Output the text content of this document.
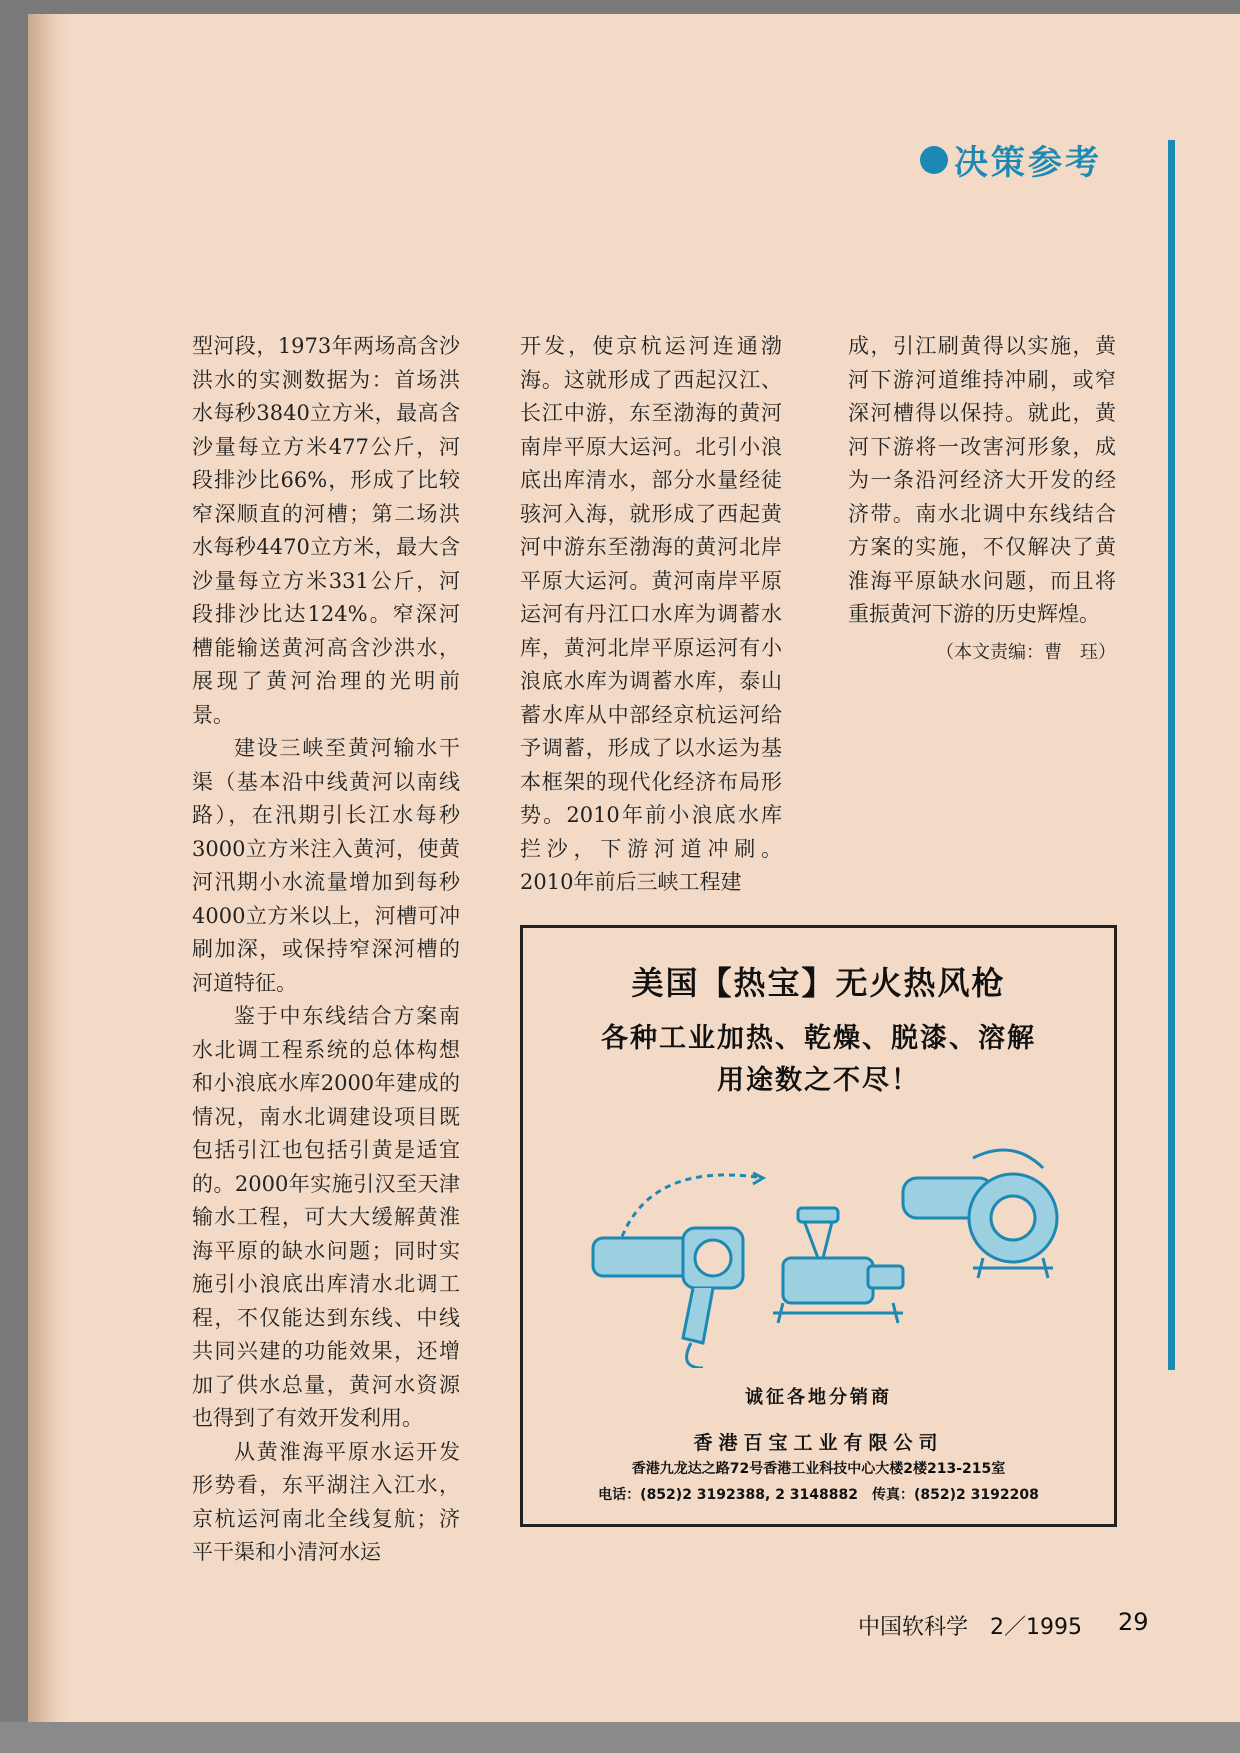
决策参考

型河段，1973年两场高含沙洪水的实测数据为：首场洪水每秒3840立方米，最高含沙量每立方米477公斤，河段排沙比66%，形成了比较窄深顺直的河槽；第二场洪水每秒4470立方米，最大含沙量每立方米331公斤，河段排沙比达124%。窄深河槽能输送黄河高含沙洪水，展现了黄河治理的光明前景。

建设三峡至黄河输水干渠（基本沿中线黄河以南线路），在汛期引长江水每秒3000立方米注入黄河，使黄河汛期小水流量增加到每秒4000立方米以上，河槽可冲刷加深，或保持窄深河槽的河道特征。

鉴于中东线结合方案南水北调工程系统的总体构想和小浪底水库2000年建成的情况，南水北调建设项目既包括引江也包括引黄是适宜的。2000年实施引汉至天津输水工程，可大大缓解黄淮海平原的缺水问题；同时实施引小浪底出库清水北调工程，不仅能达到东线、中线共同兴建的功能效果，还增加了供水总量，黄河水资源也得到了有效开发利用。

从黄淮海平原水运开发形势看，东平湖注入江水，京杭运河南北全线复航；济平干渠和小清河水运

开发，使京杭运河连通渤海。这就形成了西起汉江、长江中游，东至渤海的黄河南岸平原大运河。北引小浪底出库清水，部分水量经徒骇河入海，就形成了西起黄河中游东至渤海的黄河北岸平原大运河。黄河南岸平原运河有丹江口水库为调蓄水库，黄河北岸平原运河有小浪底水库为调蓄水库，泰山蓄水库从中部经京杭运河给予调蓄，形成了以水运为基本框架的现代化经济布局形势。2010年前小浪底水库拦沙，下游河道冲刷。2010年前后三峡工程建

成，引江刷黄得以实施，黄河下游河道维持冲刷，或窄深河槽得以保持。就此，黄河下游将一改害河形象，成为一条沿河经济大开发的经济带。南水北调中东线结合方案的实施，不仅解决了黄淮海平原缺水问题，而且将重振黄河下游的历史辉煌。

（本文责编：曹　珏）
美国【热宝】无火热风枪
各种工业加热、乾燥、脱漆、溶解
用途数之不尽！
诚征各地分销商
香港百宝工业有限公司
香港九龙达之路72号香港工业科技中心大楼2楼213-215室
电话：(852)2 3192388, 2 3148882　传真：(852)2 3192208
中国软科学　2／1995 29
